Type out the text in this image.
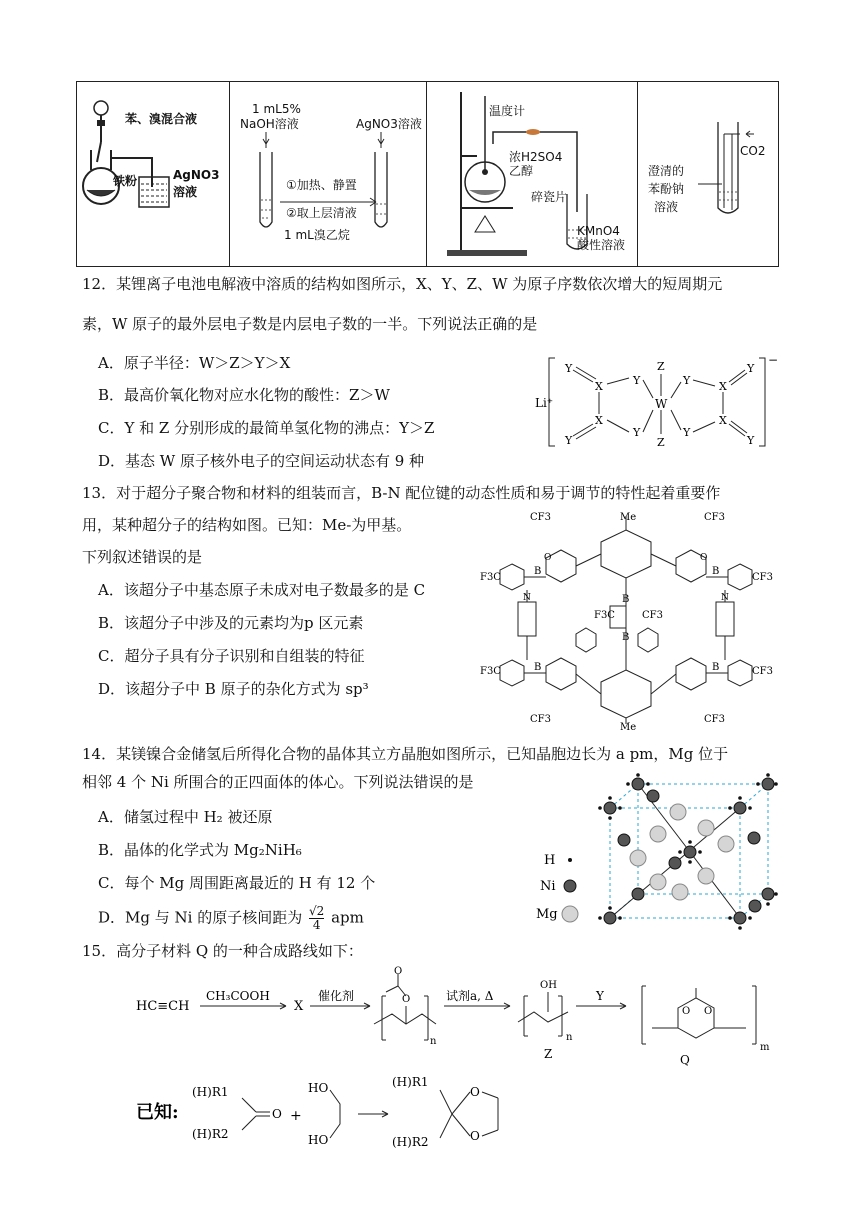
苯、溴混合液
铁粉	AgNO3
溶液

1 mL5%
NaOH溶液	AgNO3溶液
①加热、静置
②取上层清液
1 mL溴乙烷

温度计
浓H2SO4
乙醇
碎瓷片
KMnO4
酸性溶液

CO2
澄清的
苯酚钠
溶液
12．某锂离子电池电解液中溶质的结构如图所示，X、Y、Z、W 为原子序数依次增大的短周期元
素，W 原子的最外层电子数是内层电子数的一半。下列说法正确的是
A．原子半径：W＞Z＞Y＞X
B．最高价氧化物对应水化物的酸性：Z＞W
C．Y 和 Z 分别形成的最简单氢化物的沸点：Y＞Z
D．基态 W 原子核外电子的空间运动状态有 9 种
Li⁺
−
Y
X	Y
X
Y
Y
Z
W
Z
Y	X
Y
Y
X
Y
13．对于超分子聚合物和材料的组装而言，B-N 配位键的动态性质和易于调节的特性起着重要作
用，某种超分子的结构如图。已知：Me-为甲基。
下列叙述错误的是
A．该超分子中基态原子未成对电子数最多的是 C
B．该超分子中涉及的元素均为p 区元素
C．超分子具有分子识别和自组装的特征
D．该超分子中 B 原子的杂化方式为 sp³
Me
Me
CF3	CF3
F3C	CF3
F3C	CF3
CF3	CF3
F3C	CF3
B	B
B	B
B
B
N	N
O	O
14．某镁镍合金储氢后所得化合物的晶体其立方晶胞如图所示，已知晶胞边长为 a pm，Mg 位于
相邻 4 个 Ni 所围合的正四面体的体心。下列说法错误的是
A．储氢过程中 H₂ 被还原
B．晶体的化学式为 Mg₂NiH₆
C．每个 Mg 周围距离最近的 H 有 12 个
D．Mg 与 Ni 的原子核间距为 $\frac{√2}{4}$ apm
H
Ni
Mg
15．高分子材料 Q 的一种合成路线如下：
HC≡CH
CH₃COOH
X
催化剂	O
O
n
试剂a, Δ
OH
n
Z
Y
O O
m
Q
已知:
(H)R1
(H)R2
O +
HO
HO
(H)R1
(H)R2
O
O
